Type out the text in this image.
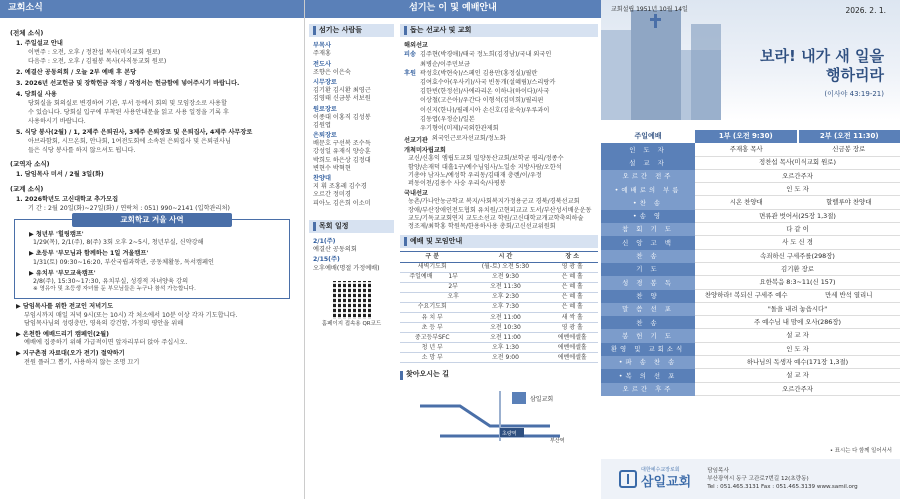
교회소식
(전체 소식)
1. 주일설교 안내
이번주 : 오전, 오후 / 정찬섭 목사(미식교회 원로)
다음주 : 오전, 오후 / 김필봉 목사(사직동교회 원로)
2. 예결산 공동의회 / 오늘 2부 예배 후 본당
3. 2026년 선교헌금 및 장학헌금 작정 / 작정서는 헌금함에 넣어주시기 바랍니다.
4. 당회실 사용
당회실을 회의실로 변경하여 기관, 부서 등에서 회의 및 모임장소로 사용할
수 있습니다. 당회실 입구에 부착된 사용안내문을 읽고 사용 일정을 기록 후
사용하시기 바랍니다.
5. 식당 봉사(2월) / 1, 2제주 은퇴권사, 3제주 은퇴장로 및 은퇴집사, 4제주 사무장로
아브라함회, 시므온회, 안나회, 1여전도회에 소속된 은퇴집사 및 은퇴권사님
들은 식당 봉사를 하지 않으셔도 됩니다.
(교역자 소식)
1. 담임목사 미서 / 2월 3일(화)
(교계 소식)
1. 2026학년도 고신대학교 추가모집
기 간 : 2월 20일(화)~27일(화) / 연락처 : 051) 990~2141 (입학관리처)
교회학교 겨울 사역
▶ 청년부 '힐링캠프'
1/29(목), 2/1(주), 8(주) 3회 오후 2~5시, 청년부실, 신약강해
▶ 초등부 '부모님과 함께하는 1일 겨울캠프'
1/31(토) 09:30~16:20, 부산국립과학관, 공동체활동, 독서캠페인
▶ 유치부 '부모교육캠프'
2/8(주), 15:30~17:30, 유치부실, 성경적 자녀양육 강의
※ 영유아 및 초등생 자녀를 둔 부모님들은 누구나 참석 가능합니다.
▶ 담임목사를 위한 전교인 저녁기도
부임시까지 매일 저녁 9시(또는 10시) 각 처소에서 10분 이상 각자 기도합니다.
담임목사님의 성령충만, 영육의 강건함, 가정의 평안을 위해
▶ 온천한 예배드리기 캠페인(2월)
예배에 집중하기 위해 가급적이면 앞자리부터 앉아 주십시오.
▶ 지구촌점 자료대(오가 전기) 절약하기
전원 플러그 뽑기, 사용하지 않는 조명 끄기
섬기는 이 및 예배안내
섬기는 사람들
부목사
주재홍
전도사
조향은 이은숙
시무장로
김기환 김시환 최영근
김영태 신금봉 서보원
원로장로
이종대 이홍직 김성봉
김원엽
은퇴장로
배문호 구선복 조수득
강성일 유재식 양승훈
박희도 하은상 김정대
변현수 박혁현
찬양대
지 휘 조홍레 김수경
오르간 정미경
피아노 김은희 이소미
목회 일정
2/1(주)
예결산 공동의회
2/15(주)
오후예배(명절 가정예배)
홈페이지 접속용 QR코드
돕는 선교사 및 교회
해외선교
피송 김주현(박경애)/태국 정노희(김경남)/국내 외국인
최병순/이주민보금
후원 곽성호(박현숙)/스페인 김용만(홍정실)/필란
김여효수아(우사키)/사국 빈동개(설혜림)/스리랑카
김한빈(한정선)/사에라리온 이하나(하이다)/사국
이상철(고은아)/우간다 이형석(김미희)/필리핀
이신지(한나)/필레시아 손신호(김윤숙)/우루과이
김동엽(우정순)/일본
우기형이(미제)/국외한관제회
선교기관 외국인근로자선교회/정노화
개척미자립교회
교신/신흥익 엠립도교회 밀양동산교회/보학균 평리/정종수
함양/손재덕 대흘1구/예수님임사/노일송 지방사람/오한석
기총야 남자노/예성학 우리동/김태재 충렌/이/우정
퍼동이천/김용수 사숭 우리숙/사평봉
국내선교
농촌/가나안농군학교 복지/사회복지가정용군교 경북/경북선교회
장애/부산장애인전도협회 유치원/고현피교교 도서/부산성서배운운동
교도/기독교교회연지 교도소선교 학원/고신대학교개교학축의하술
정조제/최학홍 학원목/한용하사용 총회/고신선교위원회
예배 및 모임안내
구 분		시 간	장 소
새벽기도회		(월-토) 오전 5:30	영 광 홀
주일예배	1부	오전 9:30	은 혜 홀
	2부	오전 11:30	은 혜 홀
	오후	오후 2:30	은 혜 홀
수요기도회		오후 7:30	은 혜 홀
유 치 부		오전 11:00	새 싹 홀
초 등 부		오전 10:30	영 광 홀
중고등부SFC		오전 11:00	에벤에셀홀
청 년 부		오후 1:30	에벤에셀홀
소 망 부		오전 9:00	에벤에셀홀
찾아오시는 길
삼일교회
초량역
부산역
교회설립 1951년 10월 14일	2026. 2. 1.
보라! 내가 새 일을
행하리라
(이사야 43:19-21)
주일예배	1부 (오전 9:30)	2부 (오전 11:30)
인 도 자	주재홍 목사	신금봉 장로
설 교 자	정찬섭 목사(미식교회 원로)
오르간 전주	오르간주자
•예배로의 부름	인 도 자
•찬 송	시온 찬양대	할렐루야 찬양대
•송 영	면류관 벗어서(25장 1,3절)
참 회 기 도	다 같 이
신 앙 고 백	사 도 신 경
찬 송	속죄하신 구세주를(298장)
기 도	김기환 장로
성 경 봉 독	요한복음 8:3~11(신 157)
찬 양	찬양하라! 복되신 구세주 예수	만세 반석 열리니
말 씀 선 포	"돌을 내려 놓읍시다"
찬 송	주 예수님 내 맘에 오사(286장)
봉 헌 기 도	설 교 자
환영 및 교회소식	인 도 자
•파 송 찬 송	하나님의 독생자 예수(171장 1,3절)
•복 의 선 포	설 교 자
오르간 후주	오르간주자
• 표시는 다 함께 일어서서
대한예수교장로회
삼일교회
담임목사
부산광역시 동구 고관로7번길 12(초량동)
Tel : 051.465.3131 Fax : 051.465.3139 www.samil.org
